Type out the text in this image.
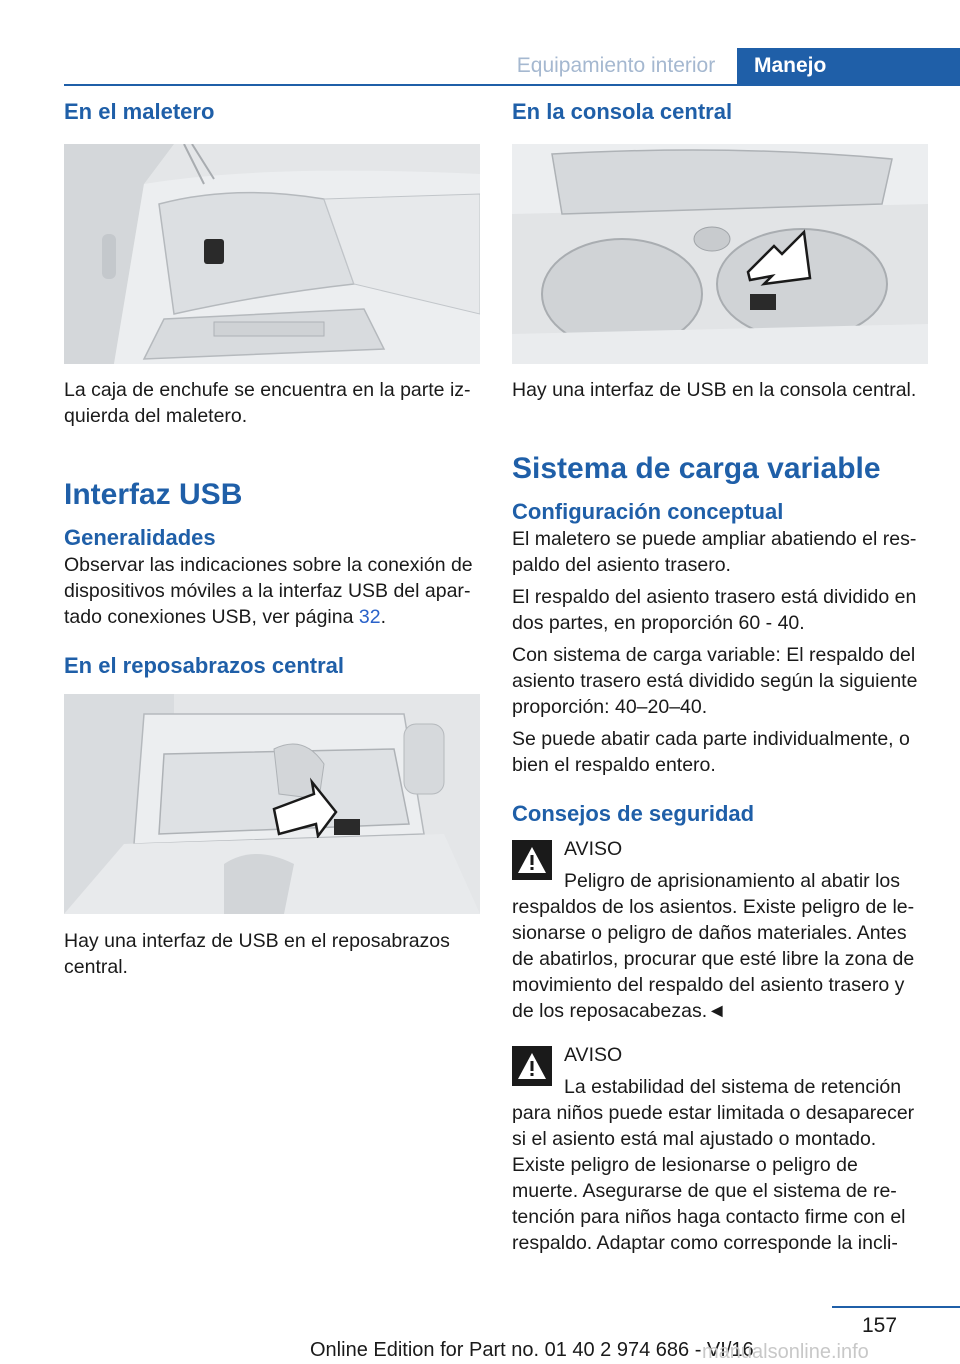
Equipamiento interior	Manejo
En el maletero

La caja de enchufe se encuentra en la parte izquierda del maletero.

Interfaz USB
Generalidades

Observar las indicaciones sobre la conexión de dispositivos móviles a la interfaz USB del apartado conexiones USB, ver página 32.

En el reposabrazos central

Hay una interfaz de USB en el reposabrazos central.

En la consola central

Hay una interfaz de USB en la consola central.

Sistema de carga variable
Configuración conceptual

El maletero se puede ampliar abatiendo el respaldo del asiento trasero.

El respaldo del asiento trasero está dividido en dos partes, en proporción 60 - 40.

Con sistema de carga variable: El respaldo del asiento trasero está dividido según la siguiente proporción: 40–20–40.

Se puede abatir cada parte individualmente, o bien el respaldo entero.

Consejos de seguridad

AVISO

Peligro de aprisionamiento al abatir los

respaldos de los asientos. Existe peligro de lesionarse o peligro de daños materiales. Antes de abatirlos, procurar que esté libre la zona de movimiento del respaldo del asiento trasero y de los reposacabezas.◄

AVISO

La estabilidad del sistema de retención

para niños puede estar limitada o desaparecer si el asiento está mal ajustado o montado. Existe peligro de lesionarse o peligro de muerte. Asegurarse de que el sistema de retención para niños haga contacto firme con el respaldo. Adaptar como corresponde la incli-

157
Online Edition for Part no. 01 40 2 974 686 - VI/16
manualsonline.info
